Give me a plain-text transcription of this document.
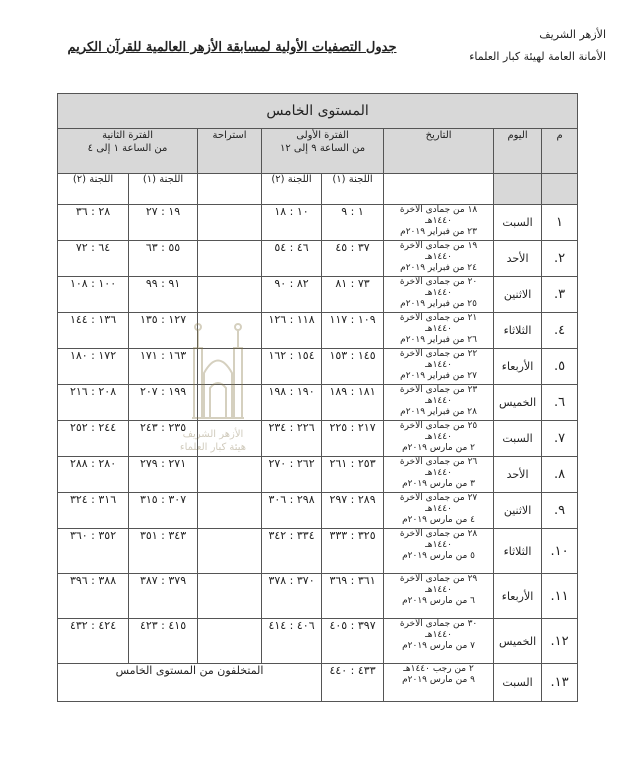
الأزهر الشريف
الأمانة العامة لهيئة كبار العلماء
جدول التصفيات الأولية لمسابقة الأزهر العالمية للقرآن الكريم
المستوى الخامس							
م	اليوم	التاريخ	الفترة الأولى
من الساعة ٩ إلى ١٢		استراحة	الفترة الثانية
من الساعة ١ إلى ٤	

			اللجنة (١)	اللجنة (٢)		اللجنة (١)	اللجنة (٢)
١	السبت	١٨ من جمادى الآخرة
١٤٤٠هـ
٢٣ من فبراير ٢٠١٩م	١ : ٩	١٠ : ١٨		١٩ : ٢٧	٢٨ : ٣٦
٢.	الأحد	١٩ من جمادى الآخرة
١٤٤٠هـ
٢٤ من فبراير ٢٠١٩م	٣٧ : ٤٥	٤٦ : ٥٤		٥٥ : ٦٣	٦٤ : ٧٢
٣.	الاثنين	٢٠ من جمادى الآخرة
١٤٤٠هـ
٢٥ من فبراير ٢٠١٩م	٧٣ : ٨١	٨٢ : ٩٠		٩١ : ٩٩	١٠٠ : ١٠٨
٤.	الثلاثاء	٢١ من جمادى الآخرة
١٤٤٠هـ
٢٦ من فبراير ٢٠١٩م	١٠٩ : ١١٧	١١٨ : ١٢٦		١٢٧ : ١٣٥	١٣٦ : ١٤٤
٥.	الأربعاء	٢٢ من جمادى الآخرة
١٤٤٠هـ
٢٧ من فبراير ٢٠١٩م	١٤٥ : ١٥٣	١٥٤ : ١٦٢		١٦٣ : ١٧١	١٧٢ : ١٨٠
٦.	الخميس	٢٣ من جمادى الآخرة
١٤٤٠هـ
٢٨ من فبراير ٢٠١٩م	١٨١ : ١٨٩	١٩٠ : ١٩٨		١٩٩ : ٢٠٧	٢٠٨ : ٢١٦
٧.	السبت	٢٥ من جمادى الآخرة
١٤٤٠هـ
٢ من مارس ٢٠١٩م	٢١٧ : ٢٢٥	٢٢٦ : ٢٣٤		٢٣٥ : ٢٤٣	٢٤٤ : ٢٥٢
٨.	الأحد	٢٦ من جمادى الآخرة
١٤٤٠هـ
٣ من مارس ٢٠١٩م	٢٥٣ : ٢٦١	٢٦٢ : ٢٧٠		٢٧١ : ٢٧٩	٢٨٠ : ٢٨٨
٩.	الاثنين	٢٧ من جمادى الآخرة
١٤٤٠هـ
٤ من مارس ٢٠١٩م	٢٨٩ : ٢٩٧	٢٩٨ : ٣٠٦		٣٠٧ : ٣١٥	٣١٦ : ٣٢٤
١٠.	الثلاثاء	٢٨ من جمادى الآخرة
١٤٤٠هـ
٥ من مارس ٢٠١٩م	٣٢٥ : ٣٣٣	٣٣٤ : ٣٤٢		٣٤٣ : ٣٥١	٣٥٢ : ٣٦٠
١١.	الأربعاء	٢٩ من جمادى الآخرة
١٤٤٠هـ
٦ من مارس ٢٠١٩م	٣٦١ : ٣٦٩	٣٧٠ : ٣٧٨		٣٧٩ : ٣٨٧	٣٨٨ : ٣٩٦
١٢.	الخميس	٣٠ من جمادى الآخرة
١٤٤٠هـ
٧ من مارس ٢٠١٩م	٣٩٧ : ٤٠٥	٤٠٦ : ٤١٤		٤١٥ : ٤٢٣	٤٢٤ : ٤٣٢
١٣.	السبت	٢ من رجب ١٤٤٠هـ
٩ من مارس ٢٠١٩م	٤٣٣ : ٤٤٠	المتخلفون من المستوى الخامس			
الأزهر الشريف
هيئة كبار العلماء
